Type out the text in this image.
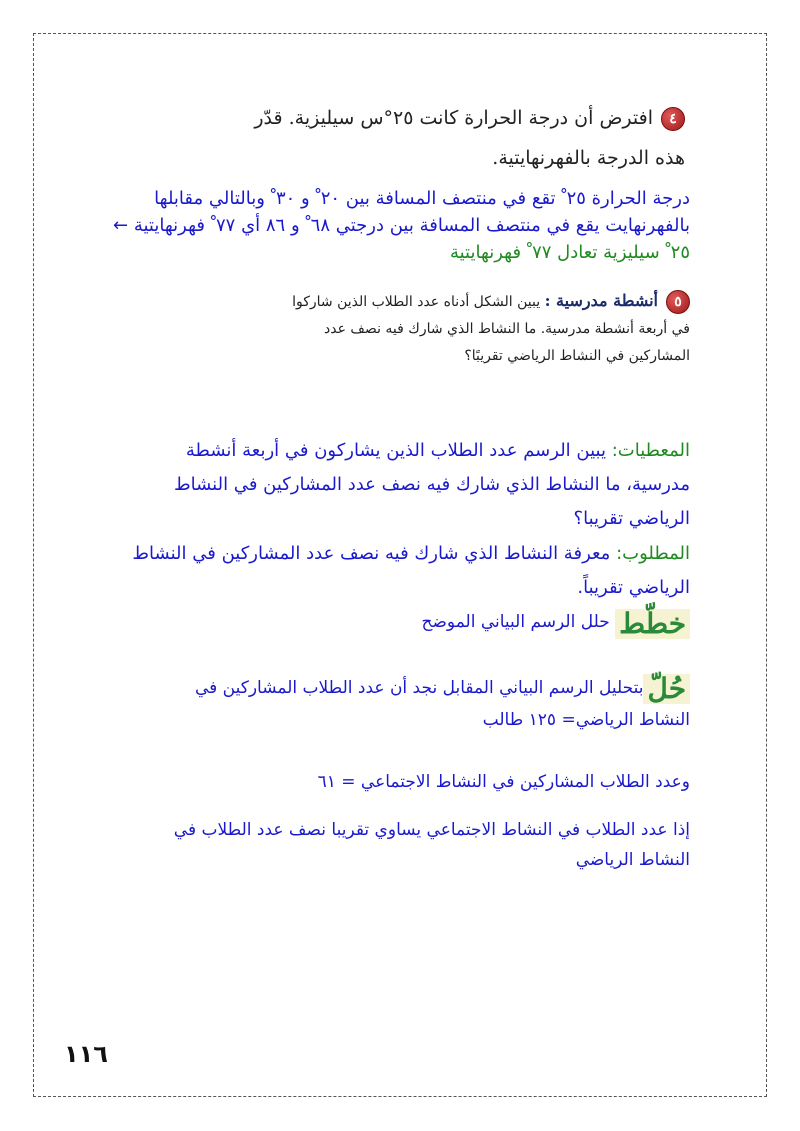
٤افترض أن درجة الحرارة كانت ٢٥°س سيليزية. قدّر هذه الدرجة بالفهرنهايتية.
درجة الحرارة ٢٥ ْ تقع في منتصف المسافة بين ٢٠ ْ و ٣٠ ْ وبالتالي مقابلها بالفهرنهايت يقع في منتصف المسافة بين درجتي ٦٨ ْ و ٨٦ أي ٧٧ ْ فهرنهايتية ← ٢٥ ْ سيليزية تعادل ٧٧ ْ فهرنهايتية
٥أنشطة مدرسية : يبين الشكل أدناه عدد الطلاب الذين شاركوا في أربعة أنشطة مدرسية. ما النشاط الذي شارك فيه نصف عدد المشاركين في النشاط الرياضي تقريبًا؟
المعطيات: يبين الرسم عدد الطلاب الذين يشاركون في أربعة أنشطة مدرسية، ما النشاط الذي شارك فيه نصف عدد المشاركين في النشاط الرياضي تقريبا؟
المطلوب: معرفة النشاط الذي شارك فيه نصف عدد المشاركين في النشاط الرياضي تقريباً.
خطّط حلل الرسم البياني الموضح
حُلّبتحليل الرسم البياني المقابل نجد أن عدد الطلاب المشاركين في النشاط الرياضي= ١٢٥ طالب
وعدد الطلاب المشاركين في النشاط الاجتماعي = ٦١
إذا عدد الطلاب في النشاط الاجتماعي يساوي تقريبا نصف عدد الطلاب في النشاط الرياضي
١١٦
